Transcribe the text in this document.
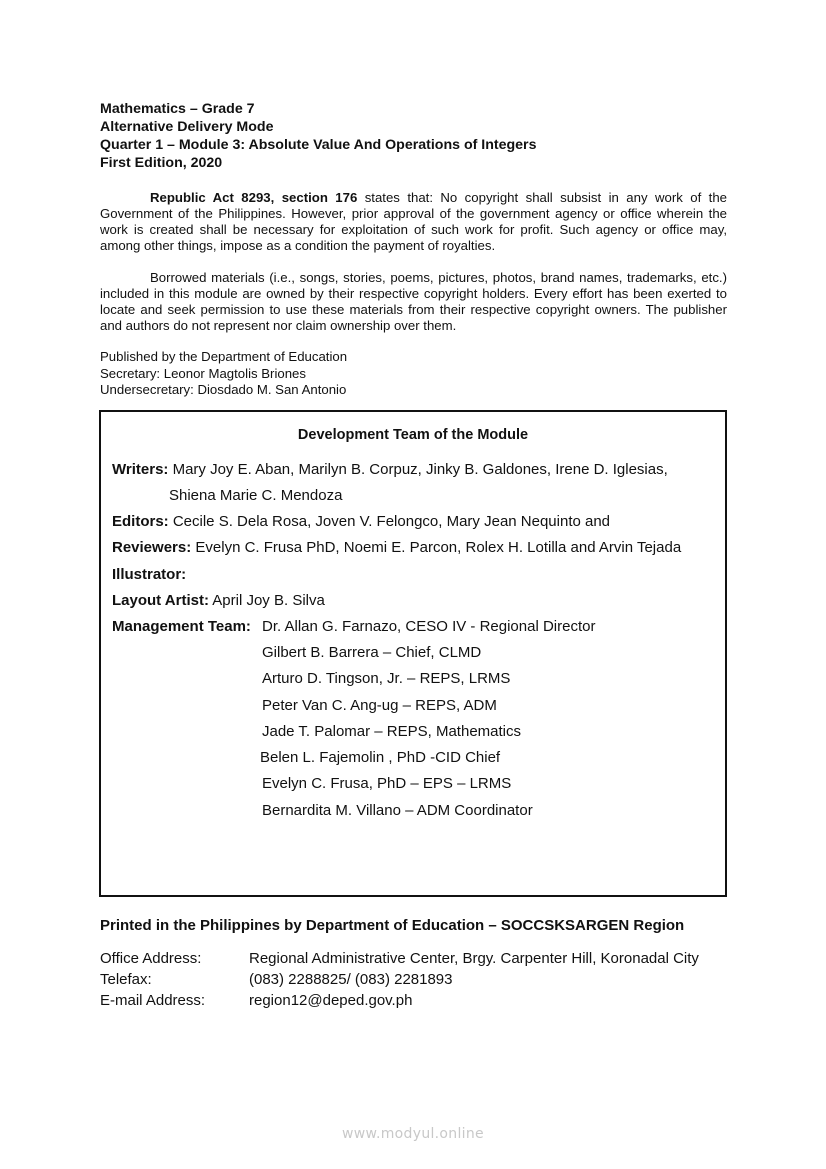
Mathematics – Grade 7
Alternative Delivery Mode
Quarter 1 – Module 3: Absolute Value And Operations of Integers
First Edition, 2020
Republic Act 8293, section 176 states that: No copyright shall subsist in any work of the Government of the Philippines. However, prior approval of the government agency or office wherein the work is created shall be necessary for exploitation of such work for profit. Such agency or office may, among other things, impose as a condition the payment of royalties.
Borrowed materials (i.e., songs, stories, poems, pictures, photos, brand names, trademarks, etc.) included in this module are owned by their respective copyright holders. Every effort has been exerted to locate and seek permission to use these materials from their respective copyright owners. The publisher and authors do not represent nor claim ownership over them.
Published by the Department of Education
Secretary: Leonor Magtolis Briones
Undersecretary: Diosdado M. San Antonio
Development Team of the Module
Writers: Mary Joy E. Aban, Marilyn B. Corpuz, Jinky B. Galdones, Irene D. Iglesias,
Shiena Marie C. Mendoza
Editors: Cecile S. Dela Rosa, Joven V. Felongco, Mary Jean Nequinto and
Reviewers: Evelyn C. Frusa PhD, Noemi E. Parcon, Rolex H. Lotilla and Arvin Tejada
Illustrator:
Layout Artist: April Joy B. Silva
Management Team: Dr. Allan G. Farnazo, CESO IV - Regional Director
Gilbert B. Barrera – Chief, CLMD
Arturo D. Tingson, Jr. – REPS, LRMS
Peter Van C. Ang-ug – REPS, ADM
Jade T. Palomar – REPS, Mathematics
Belen L. Fajemolin , PhD -CID Chief
Evelyn C. Frusa, PhD – EPS – LRMS
Bernardita M. Villano – ADM Coordinator
Printed in the Philippines by Department of Education – SOCCSKSARGEN Region
Office Address:	Regional Administrative Center, Brgy. Carpenter Hill, Koronadal City
Telefax:	(083) 2288825/ (083) 2281893
E-mail Address:	region12@deped.gov.ph
www.modyul.online
